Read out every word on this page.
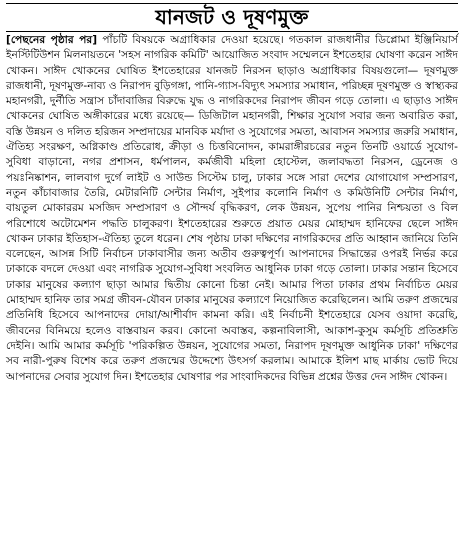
যানজট ও দূষণমুক্ত
[পেছনের পৃষ্ঠার পর] পাঁচটি বিষয়কে অগ্রাধিকার দেওয়া হয়েছে। গতকাল রাজধানীর ডিপ্লোমা ইঞ্জিনিয়ার্স ইনস্টিটিউশন মিলনায়তনে 'সহস নাগরিক কমিটি' আয়োজিত সংবাদ সম্মেলনে ইশতেহার ঘোষণা করেন সাঈদ খোকন। সাঈদ খোকনের ঘোষিত ইশতেহারের যানজট নিরসন ছাড়াও অগ্রাধিকার বিষয়গুলো— দূষণমুক্ত রাজধানী, দূষণমুক্ত-নাব্য ও নিরাপদ বুড়িগঙ্গা, পানি-গ্যাস-বিদ্যুৎ সমস্যার সমাধান, পরিচ্ছন্ন দূষণমুক্ত ও স্বাস্থ্যকর মহানগরী, দুর্নীতি সন্ত্রাস চাঁদাবাজির বিরুদ্ধে যুদ্ধ ও নাগরিকদের নিরাপদ জীবন গড়ে তোলা। এ ছাড়াও সাঈদ খোকনের ঘোষিত অঙ্গীকারের মধ্যে রয়েছে— ডিজিটাল মহানগরী, শিক্ষার সুযোগ সবার জন্য অবারিত করা, বস্তি উন্নয়ন ও দলিত হরিজন সম্প্রদায়ের মানবিক মর্যাদা ও সুযোগের সমতা, আবাসন সমস্যার জরুরি সমাধান, ঐতিহ্য সংরক্ষণ, অগ্নিকাণ্ড প্রতিরোধ, ক্রীড়া ও চিত্তবিনোদন, কামরাঙ্গীরচরের নতুন তিনটি ওয়ার্ডে সুযোগ-সুবিধা বাড়ানো, নগর প্রশাসন, ধর্মপালন, কর্মজীবী মহিলা হোস্টেল, জলাবদ্ধতা নিরসন, ড্রেনেজ ও পয়ঃনিষ্কাশন, লালবাগ দুর্গে লাইট ও সাউন্ড সিস্টেম চালু, ঢাকার সঙ্গে সারা দেশের যোগাযোগ সম্প্রসারণ, নতুন কাঁচাবাজার তৈরি, মেটারনিটি সেন্টার নির্মাণ, সুইপার কলোনি নির্মাণ ও কমিউনিটি সেন্টার নির্মাণ, বায়তুল মোকাররম মসজিদ সম্প্রসারণ ও সৌন্দর্য বৃদ্ধিকরণ, লেক উন্নয়ন, সুপেয় পানির নিশ্চয়তা ও বিল পরিশোধে অটোমেশন পদ্ধতি চালুকরণ। ইশতেহারের শুরুতে প্রয়াত মেয়র মোহাম্মদ হানিফের ছেলে সাঈদ খোকন ঢাকার ইতিহাস-ঐতিহ্য তুলে ধরেন। শেষ পৃষ্ঠায় ঢাকা দক্ষিণের নাগরিকদের প্রতি আহ্বান জানিয়ে তিনি বলেছেন, আসন্ন সিটি নির্বাচন ঢাকাবাসীর জন্য অতীব গুরুত্বপূর্ণ। আপনাদের সিদ্ধান্তের ওপরই নির্ভর করে ঢাকাকে বদলে দেওয়া এবং নাগরিক সুযোগ-সুবিধা সংবলিত আধুনিক ঢাকা গড়ে তোলা। ঢাকার সন্তান হিসেবে ঢাকার মানুষের কল্যাণ ছাড়া আমার দ্বিতীয় কোনো চিন্তা নেই। আমার পিতা ঢাকার প্রথম নির্বাচিত মেয়র মোহাম্মদ হানিফ তার সমগ্র জীবন-যৌবন ঢাকার মানুষের কল্যাণে নিয়োজিত করেছিলেন। আমি তরুণ প্রজন্মের প্রতিনিধি হিসেবে আপনাদের দোয়া/আশীর্বাদ কামনা করি। এই নির্বাচনী ইশতেহারে যেসব ওয়াদা করেছি, জীবনের বিনিময়ে হলেও বাস্তবায়ন করব। কোনো অবাস্তব, কল্পনাবিলাসী, আকাশ-কুসুম কর্মসূচি প্রতিশ্রুতি দেইনি। আমি আমার কর্মসূচি 'পরিকল্পিত উন্নয়ন, সুযোগের সমতা, নিরাপদ দূষণমুক্ত আধুনিক ঢাকা' দক্ষিণের সব নারী-পুরুষ বিশেষ করে তরুণ প্রজন্মের উদ্দেশ্যে উৎসর্গ করলাম। আমাকে ইলিশ মাছ মার্কায় ভোট দিয়ে আপনাদের সেবার সুযোগ দিন। ইশতেহার ঘোষণার পর সাংবাদিকদের বিভিন্ন প্রশ্নের উত্তর দেন সাঈদ খোকন।
